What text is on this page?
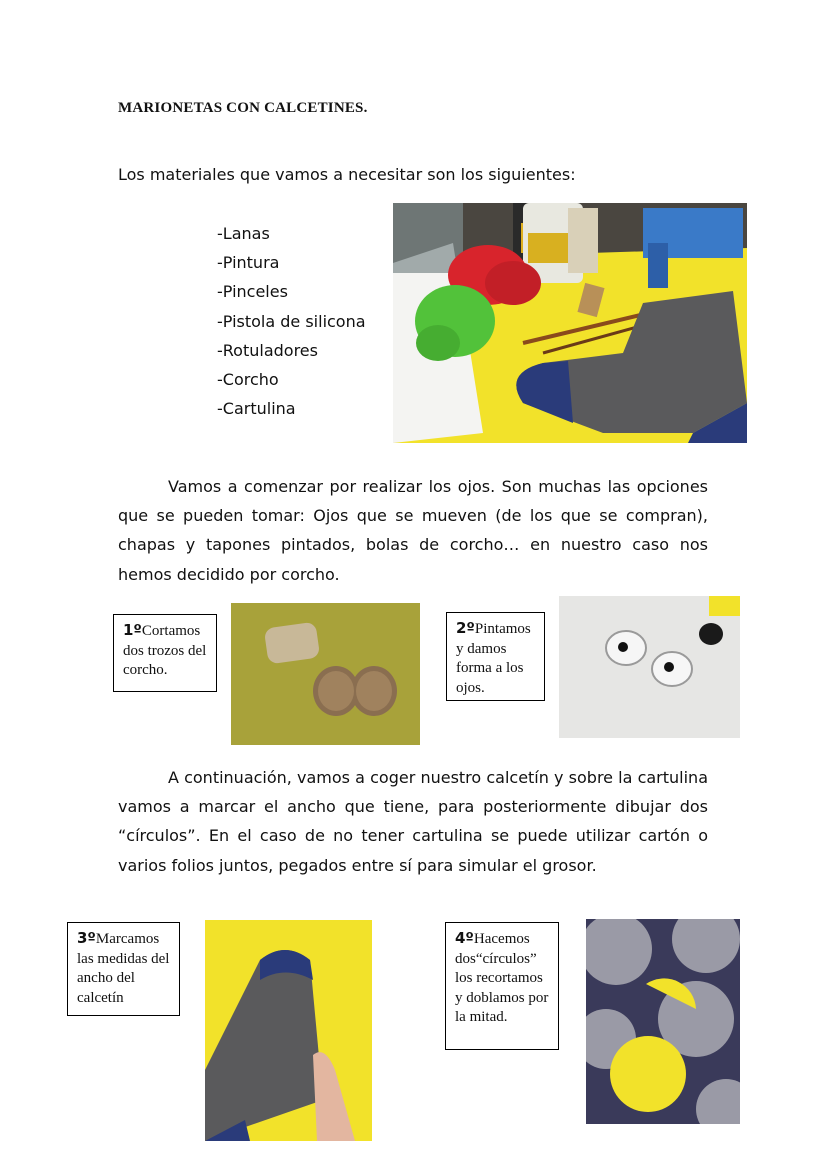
MARIONETAS CON CALCETINES.
Los materiales que vamos a necesitar son los siguientes:
-Lanas
-Pintura
-Pinceles
-Pistola de silicona
-Rotuladores
-Corcho
-Cartulina

Vamos a comenzar por realizar los ojos. Son muchas las opciones que se pueden tomar: Ojos que se mueven (de los que se compran), chapas y tapones pintados, bolas de corcho… en nuestro caso nos hemos decidido por corcho.

1ºCortamos dos trozos del corcho.
2ºPintamos y damos forma a los ojos.

A continuación, vamos a coger nuestro calcetín y sobre la cartulina vamos a marcar el ancho que tiene, para posteriormente dibujar dos “círculos”. En el caso de no tener cartulina se puede utilizar cartón o varios folios juntos, pegados entre sí para simular el grosor.

3ºMarcamos las medidas del ancho del calcetín
4ºHacemos dos“círculos” los recortamos y doblamos por la mitad.
